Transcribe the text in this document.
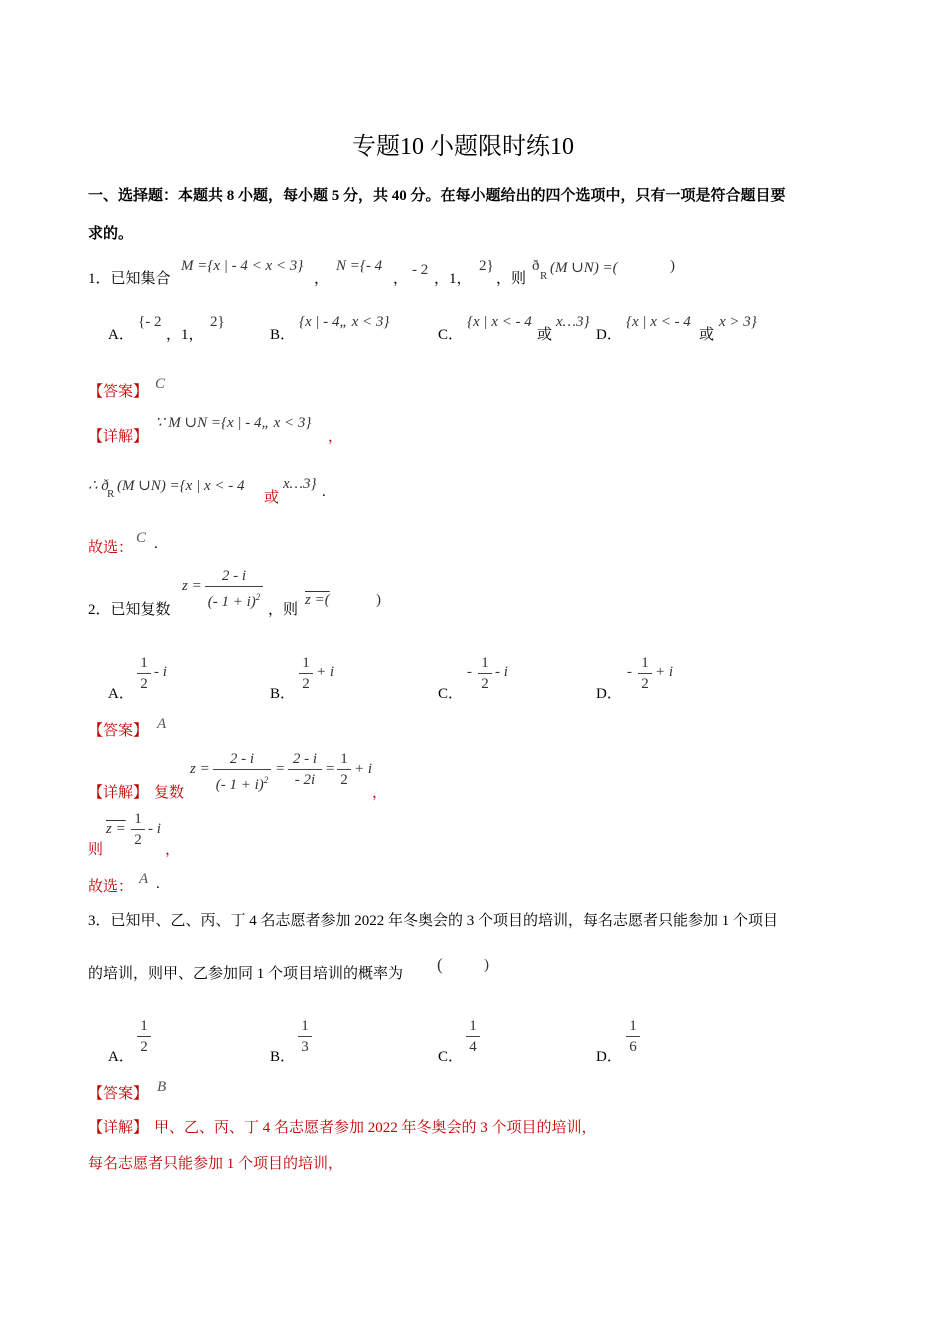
专题10 小题限时练10
一、选择题：本题共 8 小题，每小题 5 分，共 40 分。在每小题给出的四个选项中，只有一项是符合题目要
求的。
1．已知集合
M ={x | - 4 < x < 3}
，
N ={- 4
，
- 2
，1，
2}
，则
ð
R (M ∪N) =(	)
A．
{- 2
，1，
2}
B．
{x | - 4„ x < 3}
C．
{x | x < - 4
或
x…3}
D．
{x | x < - 4
或
x > 3}
【答案】 C
【详解】
∵ M ∪N ={x | - 4„ x < 3}
，
∴ ð
R (M ∪N) ={x | x < - 4
或
x…3} .
故选：
C .
2．已知复数
z =
2 - i
(- 1 + i)$^2$
，则
z =(	)
A．
1
2
- i
B．
1
2
+ i
C．
-
1
2
- i
D．
-
1
2
+ i
【答案】 A
【详解】 复数
z =
2 - i
(- 1 + i)$^2$
=
2 - i
- 2i
=
1
2
+ i
，
则
z =
1
2
- i
，
故选： A .
3．已知甲、乙、丙、丁 4 名志愿者参加 2022 年冬奥会的 3 个项目的培训，每名志愿者只能参加 1 个项目
的培训，则甲、乙参加同 1 个项目培训的概率为 (	)
A．
1
2
B．
1
3
C．
1
4
D．
1
6
【答案】 B
【详解】 甲、乙、丙、丁 4 名志愿者参加 2022 年冬奥会的 3 个项目的培训，
每名志愿者只能参加 1 个项目的培训，
